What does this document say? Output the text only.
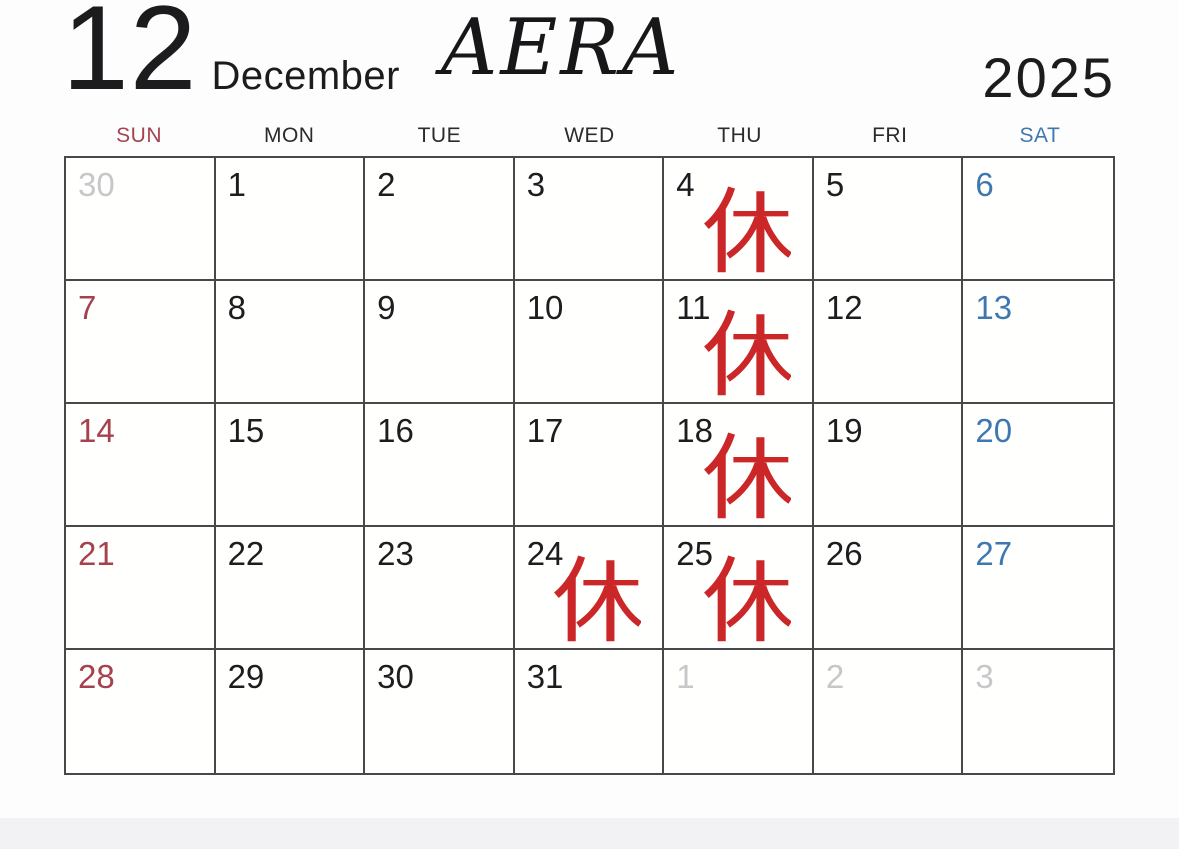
12 December AERA	2025
SUN	MON	TUE	WED	THU	FRI	SAT
30	1	2	3	4	5	6
7	8	9	10	11	12	13
14	15	16	17	18	19	20
21	22	23	24	25	26	27
28	29	30	31	1	2	3
